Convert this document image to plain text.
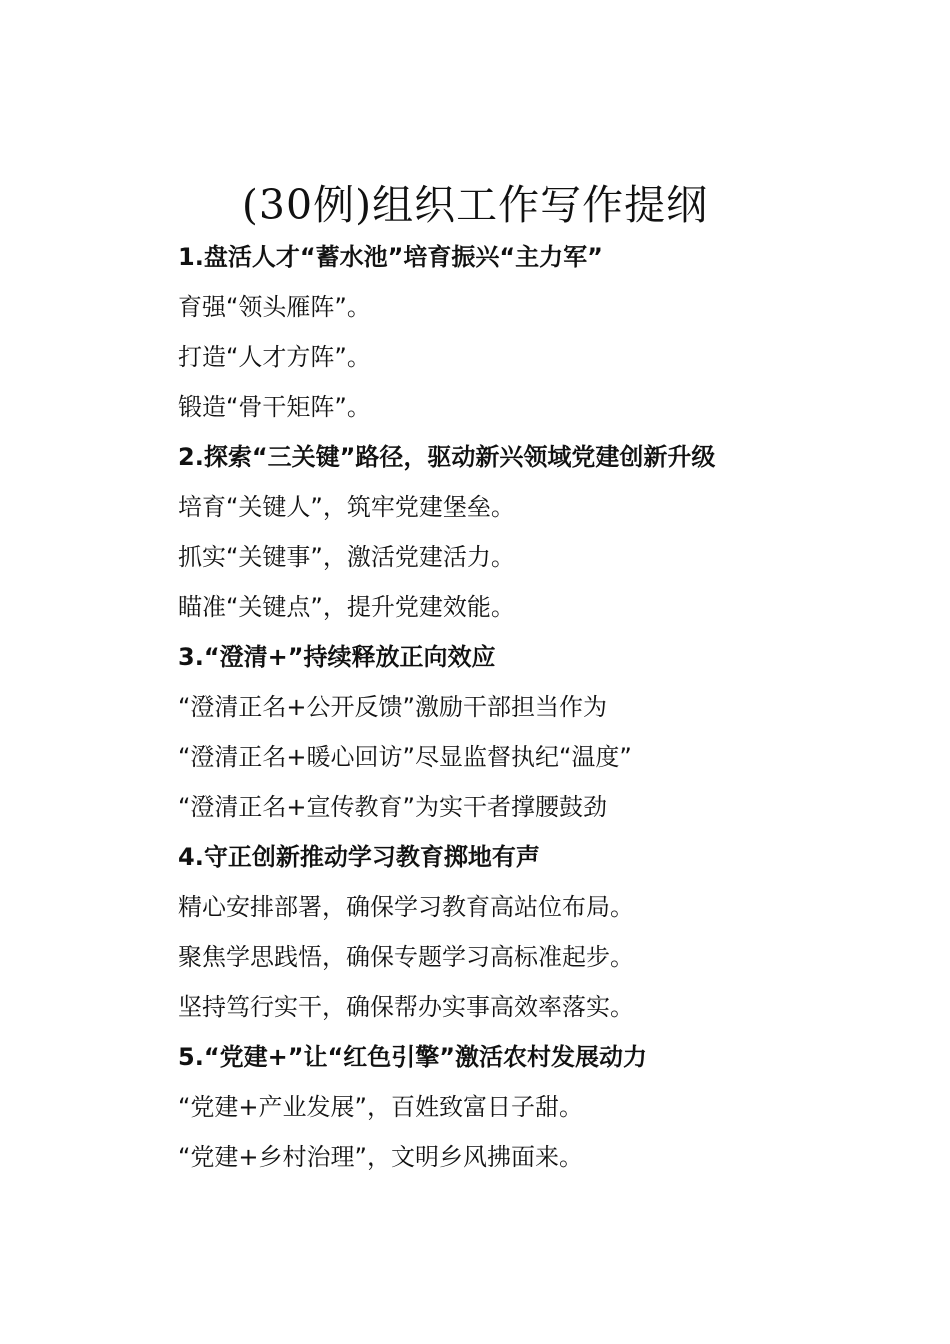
(30例)组织工作写作提纲
1.盘活人才“蓄水池”培育振兴“主力军”
育强“领头雁阵”。
打造“人才方阵”。
锻造“骨干矩阵”。
2.探索“三关键”路径，驱动新兴领域党建创新升级
培育“关键人”，筑牢党建堡垒。
抓实“关键事”，激活党建活力。
瞄准“关键点”，提升党建效能。
3.“澄清+”持续释放正向效应
“澄清正名+公开反馈”激励干部担当作为
“澄清正名+暖心回访”尽显监督执纪“温度”
“澄清正名+宣传教育”为实干者撑腰鼓劲
4.守正创新推动学习教育掷地有声
精心安排部署，确保学习教育高站位布局。
聚焦学思践悟，确保专题学习高标准起步。
坚持笃行实干，确保帮办实事高效率落实。
5.“党建+”让“红色引擎”激活农村发展动力
“党建+产业发展”，百姓致富日子甜。
“党建+乡村治理”，文明乡风拂面来。
